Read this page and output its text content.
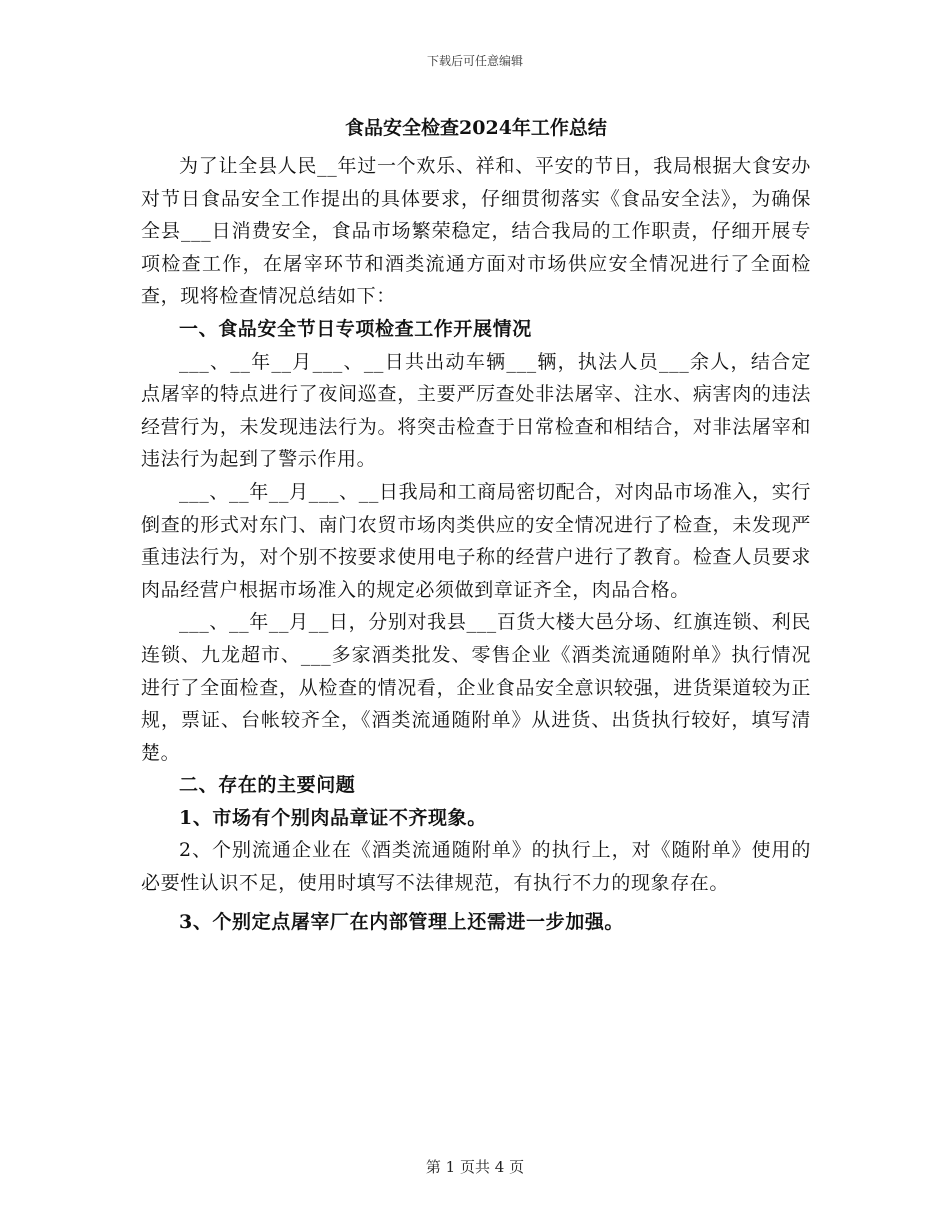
下载后可任意编辑
食品安全检查2024年工作总结

为了让全县人民__年过一个欢乐、祥和、平安的节日，我局根据大食安办对节日食品安全工作提出的具体要求，仔细贯彻落实《食品安全法》，为确保全县___日消费安全，食品市场繁荣稳定，结合我局的工作职责，仔细开展专项检查工作，在屠宰环节和酒类流通方面对市场供应安全情况进行了全面检查，现将检查情况总结如下：

一、食品安全节日专项检查工作开展情况

___、__年__月___、__日共出动车辆___辆，执法人员___余人，结合定点屠宰的特点进行了夜间巡查，主要严厉查处非法屠宰、注水、病害肉的违法经营行为，未发现违法行为。将突击检查于日常检查和相结合，对非法屠宰和违法行为起到了警示作用。

___、__年__月___、__日我局和工商局密切配合，对肉品市场准入，实行倒查的形式对东门、南门农贸市场肉类供应的安全情况进行了检查，未发现严重违法行为，对个别不按要求使用电子称的经营户进行了教育。检查人员要求肉品经营户根据市场准入的规定必须做到章证齐全，肉品合格。

___、__年__月__日，分别对我县___百货大楼大邑分场、红旗连锁、利民连锁、九龙超市、___多家酒类批发、零售企业《酒类流通随附单》执行情况进行了全面检查，从检查的情况看，企业食品安全意识较强，进货渠道较为正规，票证、台帐较齐全，《酒类流通随附单》从进货、出货执行较好，填写清楚。

二、存在的主要问题

1、市场有个别肉品章证不齐现象。

2、个别流通企业在《酒类流通随附单》的执行上，对《随附单》使用的必要性认识不足，使用时填写不法律规范，有执行不力的现象存在。

3、个别定点屠宰厂在内部管理上还需进一步加强。

第 1 页共 4 页
